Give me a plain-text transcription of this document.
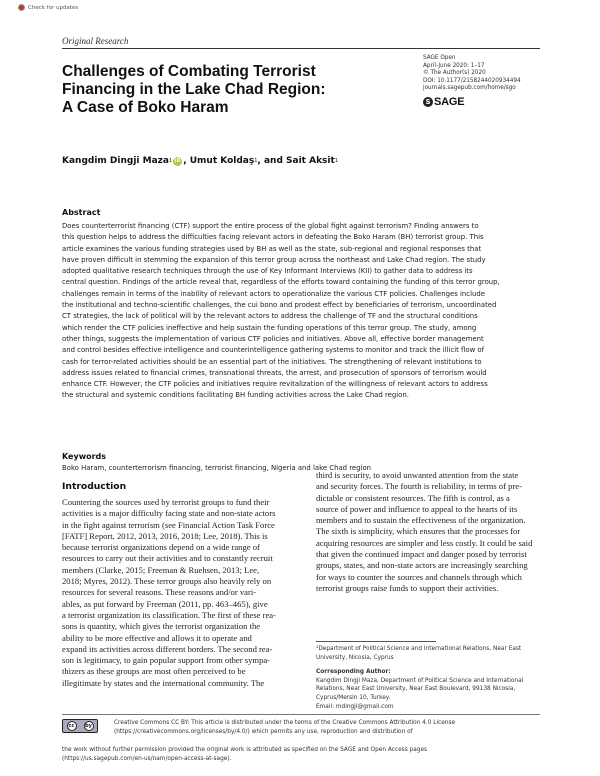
Check for updates
Original Research
Challenges of Combating Terrorist
Financing in the Lake Chad Region:
A Case of Boko Haram
SAGE Open
April-June 2020: 1–17
© The Author(s) 2020
DOI: 10.1177/2158244020934494
journals.sagepub.com/home/sgo
S SAGE
Kangdim Dingji Maza 1 iD , Umut Koldaş 1 , and Sait Aksit 1
Abstract
Does counterterrorist financing (CTF) support the entire process of the global fight against terrorism? Finding answers to
this question helps to address the difficulties facing relevant actors in defeating the Boko Haram (BH) terrorist group. This
article examines the various funding strategies used by BH as well as the state, sub-regional and regional responses that
have proven difficult in stemming the expansion of this terror group across the northeast and Lake Chad region. The study
adopted qualitative research techniques through the use of Key Informant Interviews (KII) to gather data to address its
central question. Findings of the article reveal that, regardless of the efforts toward containing the funding of this terror group,
challenges remain in terms of the inability of relevant actors to operationalize the various CTF policies. Challenges include
the institutional and techno-scientific challenges, the cui bono and prodest effect by beneficiaries of terrorism, uncoordinated
CT strategies, the lack of political will by the relevant actors to address the challenge of TF and the structural conditions
which render the CTF policies ineffective and help sustain the funding operations of this terror group. The study, among
other things, suggests the implementation of various CTF policies and initiatives. Above all, effective border management
and control besides effective intelligence and counterintelligence gathering systems to monitor and track the illicit flow of
cash for terror-related activities should be an essential part of the initiatives. The strengthening of relevant institutions to
address issues related to financial crimes, transnational threats, the arrest, and prosecution of sponsors of terrorism would
enhance CTF. However, the CTF policies and initiatives require revitalization of the willingness of relevant actors to address
the structural and systemic conditions facilitating BH funding activities across the Lake Chad region.
Keywords
Boko Haram, counterterrorism financing, terrorist financing, Nigeria and lake Chad region
Introduction
Countering the sources used by terrorist groups to fund their
activities is a major difficulty facing state and non-state actors
in the fight against terrorism (see Financial Action Task Force
[FATF] Report, 2012, 2013, 2016, 2018; Lee, 2018). This is
because terrorist organizations depend on a wide range of
resources to carry out their activities and to constantly recruit
members (Clarke, 2015; Freeman & Ruehsen, 2013; Lee,
2018; Myres, 2012). These terror groups also heavily rely on
resources for several reasons. These reasons and/or vari-
ables, as put forward by Freeman (2011, pp. 463–465), give
a terrorist organization its classification. The first of these rea-
sons is quantity, which gives the terrorist organization the
ability to be more effective and allows it to operate and
expand its activities across different borders. The second rea-
son is legitimacy, to gain popular support from other sympa-
thizers as these groups are most often perceived to be
illegitimate by states and the international community. The
third is security, to avoid unwanted attention from the state
and security forces. The fourth is reliability, in terms of pre-
dictable or consistent resources. The fifth is control, as a
source of power and influence to appeal to the hearts of its
members and to sustain the effectiveness of the organization.
The sixth is simplicity, which ensures that the processes for
acquiring resources are simpler and less costly. It could be said
that given the continued impact and danger posed by terrorist
groups, states, and non-state actors are increasingly searching
for ways to counter the sources and channels through which
terrorist groups raise funds to support their activities.
¹Department of Political Science and International Relations, Near East
University, Nicosia, Cyprus
Corresponding Author:
Kangdim Dingji Maza, Department of Political Science and International
Relations, Near East University, Near East Boulevard, 99138 Nicosia,
Cyprus/Mersin 10, Turkey.
Email: mdingji@gmail.com
cc	by	Creative Commons CC BY: This article is distributed under the terms of the Creative Commons Attribution 4.0 License
(https://creativecommons.org/licenses/by/4.0/) which permits any use, reproduction and distribution of
the work without further permission provided the original work is attributed as specified on the SAGE and Open Access pages
(https://us.sagepub.com/en-us/nam/open-access-at-sage).
